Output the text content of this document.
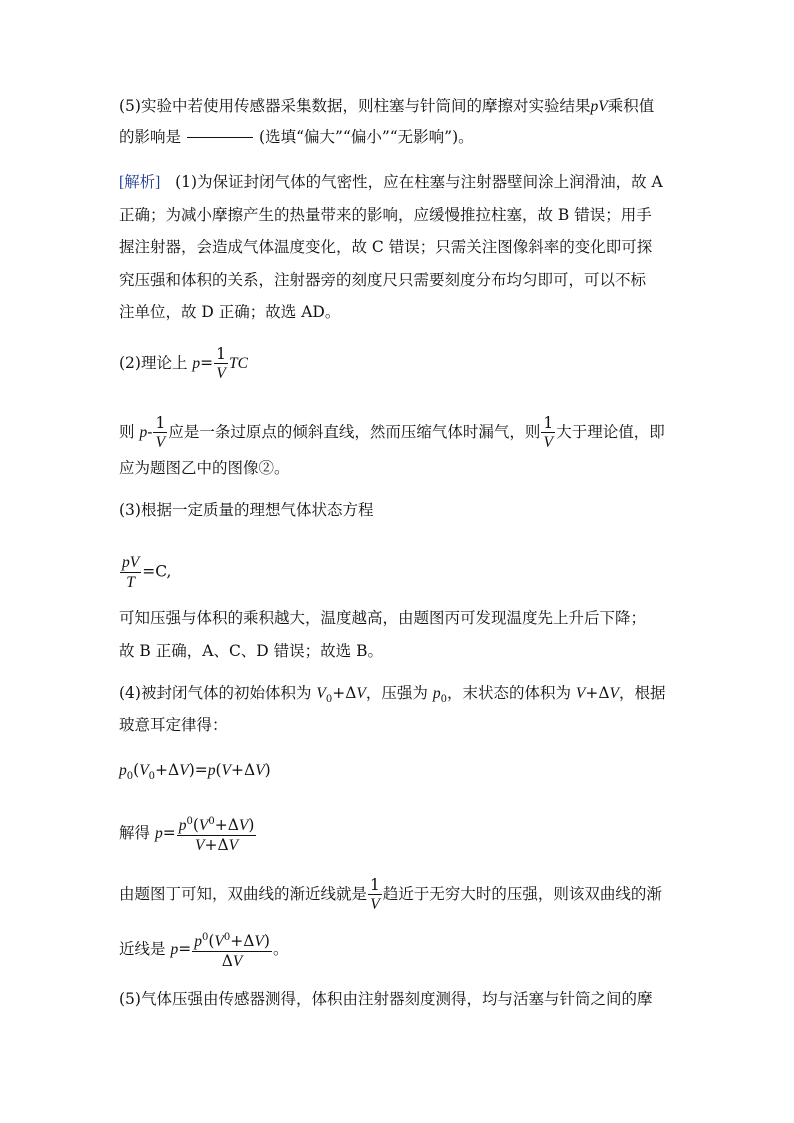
(5)实验中若使用传感器采集数据，则柱塞与针筒间的摩擦对实验结果pV乘积值
的影响是	(选填“偏大”“偏小”“无影响”)。
[解析] (1)为保证封闭气体的气密性，应在柱塞与注射器壁间涂上润滑油，故 A
正确；为减小摩擦产生的热量带来的影响，应缓慢推拉柱塞，故 B 错误；用手
握注射器，会造成气体温度变化，故 C 错误；只需关注图像斜率的变化即可探
究压强和体积的关系，注射器旁的刻度尺只需要刻度分布均匀即可，可以不标
注单位，故 D 正确；故选 AD。
(2)理论上 $p= \frac{1}{V}$ TC
则 $p- \frac{1}{V}$ 应是一条过原点的倾斜直线，然而压缩气体时漏气，则 $\frac{1}{V}$ 大于理论值，即
应为题图乙中的图像②。
(3)根据一定质量的理想气体状态方程
$\frac{pV}{T} =C$,
可知压强与体积的乘积越大，温度越高，由题图丙可发现温度先上升后下降；
故 B 正确，A、C、D 错误；故选 B。
(4)被封闭气体的初始体积为 $V_0+\Delta V$，压强为 $p_0$，末状态的体积为 V+ΔV，根据
玻意耳定律得：
$p_0(V_0+\Delta V)=p(V+\Delta V)$
解得 $p= \frac{p^0(V^0+\Delta V)}{V+\Delta V}$
由题图丁可知，双曲线的渐近线就是 $\frac{1}{V}$ 趋近于无穷大时的压强，则该双曲线的渐
近线是 $p= \frac{p^0(V^0+\Delta V)}{\Delta V}$ 。
(5)气体压强由传感器测得，体积由注射器刻度测得，均与活塞与针筒之间的摩
